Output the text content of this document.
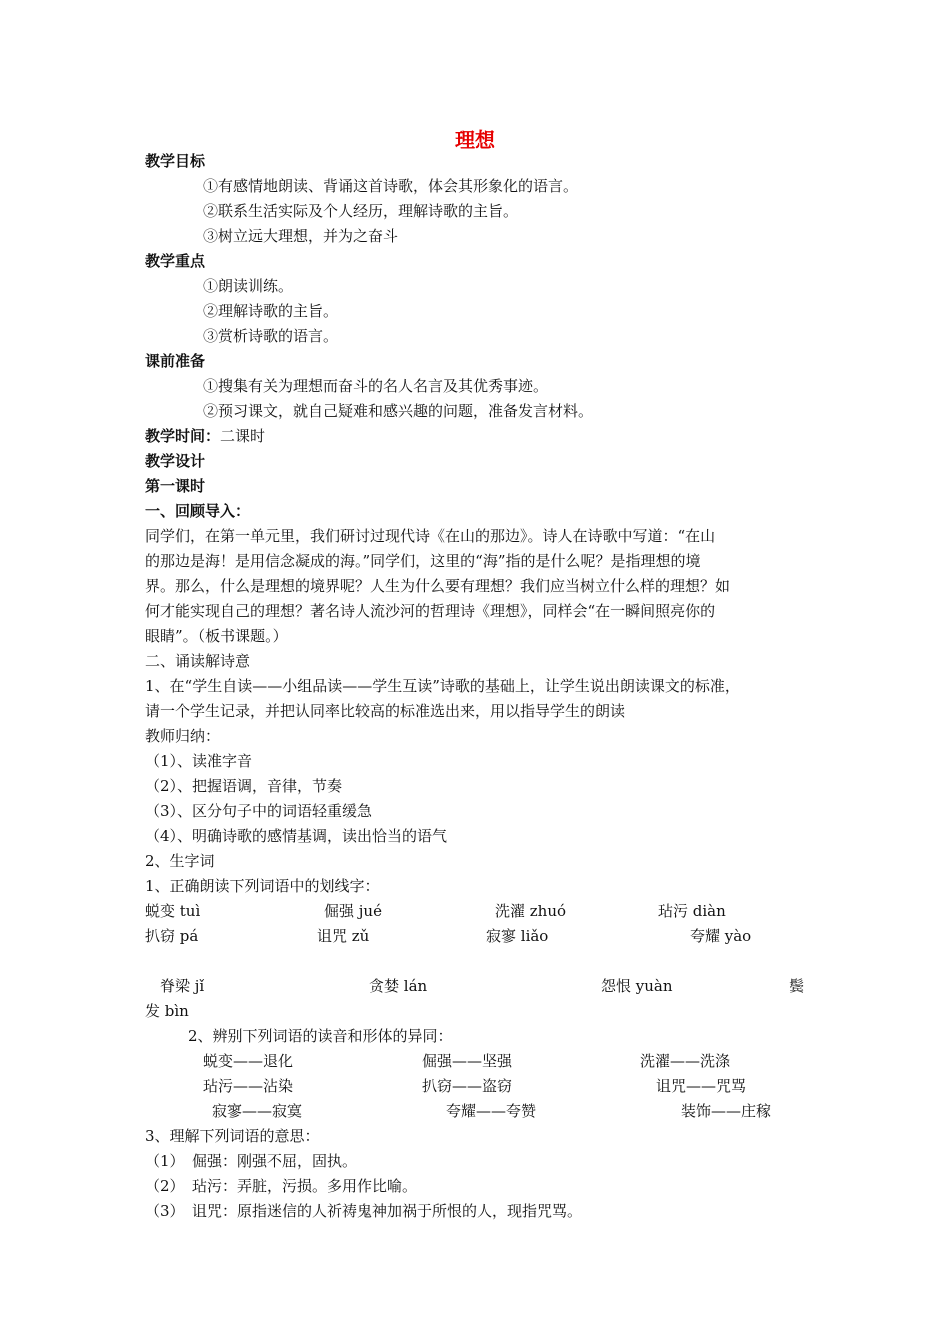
理想
教学目标
①有感情地朗读、背诵这首诗歌，体会其形象化的语言。
②联系生活实际及个人经历，理解诗歌的主旨。
③树立远大理想，并为之奋斗
教学重点
①朗读训练。
②理解诗歌的主旨。
③赏析诗歌的语言。
课前准备
①搜集有关为理想而奋斗的名人名言及其优秀事迹。
②预习课文，就自己疑难和感兴趣的问题，准备发言材料。
教学时间：二课时
教学设计
第一课时
一、回顾导入：
同学们，在第一单元里，我们研讨过现代诗《在山的那边》。诗人在诗歌中写道：“在山
的那边是海！是用信念凝成的海。”同学们，这里的“海”指的是什么呢？是指理想的境
界。那么，什么是理想的境界呢？人生为什么要有理想？我们应当树立什么样的理想？如
何才能实现自己的理想？著名诗人流沙河的哲理诗《理想》，同样会“在一瞬间照亮你的
眼睛”。（板书课题。）
二、诵读解诗意
1、在“学生自读——小组品读——学生互读”诗歌的基础上，让学生说出朗读课文的标准，
请一个学生记录，并把认同率比较高的标准选出来，用以指导学生的朗读
教师归纳：
（1）、读准字音
（2）、把握语调，音律，节奏
（3）、区分句子中的词语轻重缓急
（4）、明确诗歌的感情基调，读出恰当的语气
2、生字词
1、正确朗读下列词语中的划线字：
蜕变 tuì	倔强 jué	洗濯 zhuó	玷污 diàn
扒窃 pá	诅咒 zǔ	寂寥 liǎo	夸耀 yào
脊梁 jǐ	贪婪 lán	怨恨 yuàn	鬓
发 bìn
2、辨别下列词语的读音和形体的异同：
蜕变——退化	倔强——坚强	洗濯——洗涤
玷污——沾染	扒窃——盗窃	诅咒——咒骂
寂寥——寂寞	夸耀——夸赞	装饰——庄稼
3、理解下列词语的意思：
（1）　倔强：刚强不屈，固执。
（2）　玷污：弄脏，污损。多用作比喻。
（3）　诅咒：原指迷信的人祈祷鬼神加祸于所恨的人，现指咒骂。
